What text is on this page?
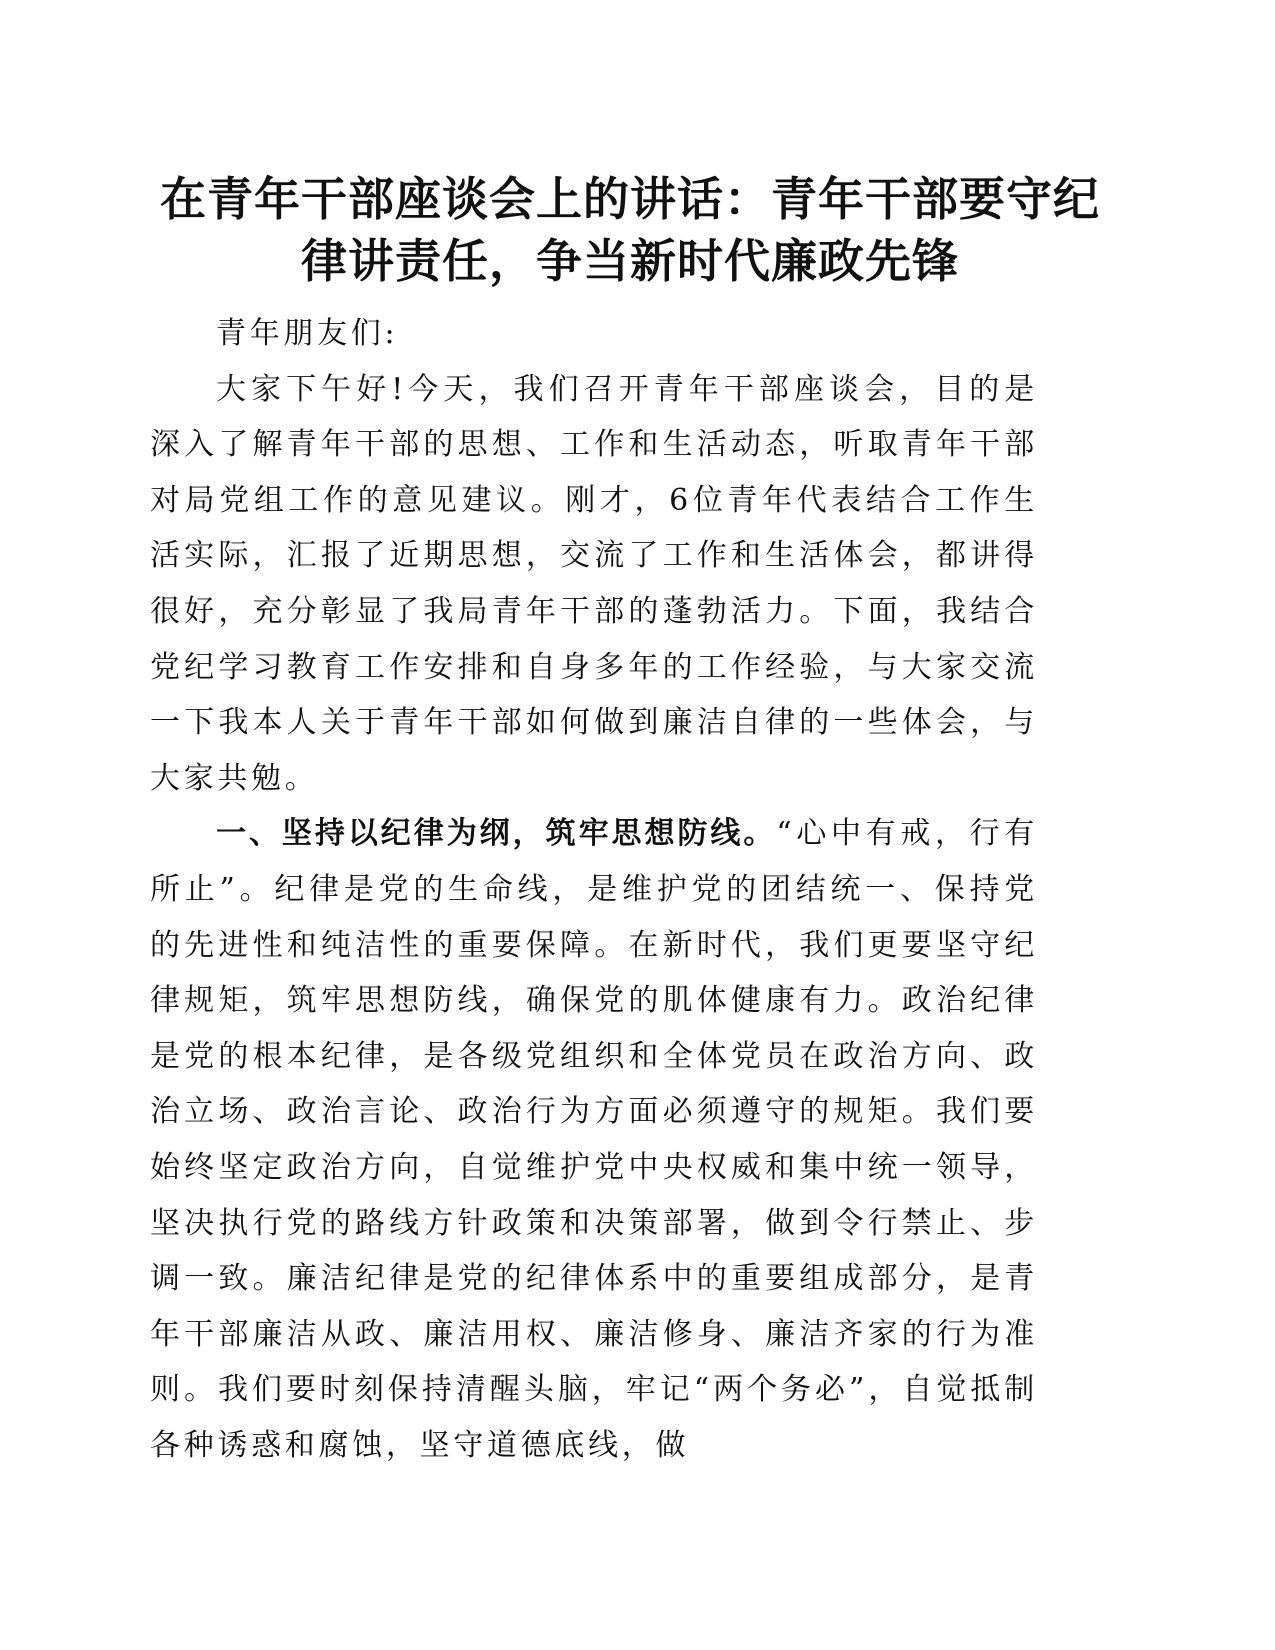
在青年干部座谈会上的讲话：青年干部要守纪律讲责任，争当新时代廉政先锋

青年朋友们:

大家下午好!今天，我们召开青年干部座谈会，目的是深入了解青年干部的思想、工作和生活动态，听取青年干部对局党组工作的意见建议。刚才，6位青年代表结合工作生活实际，汇报了近期思想，交流了工作和生活体会，都讲得很好，充分彰显了我局青年干部的蓬勃活力。下面，我结合党纪学习教育工作安排和自身多年的工作经验，与大家交流一下我本人关于青年干部如何做到廉洁自律的一些体会，与大家共勉。

一、坚持以纪律为纲，筑牢思想防线。“心中有戒，行有所止”。纪律是党的生命线，是维护党的团结统一、保持党的先进性和纯洁性的重要保障。在新时代，我们更要坚守纪律规矩，筑牢思想防线，确保党的肌体健康有力。政治纪律是党的根本纪律，是各级党组织和全体党员在政治方向、政治立场、政治言论、政治行为方面必须遵守的规矩。我们要始终坚定政治方向，自觉维护党中央权威和集中统一领导，坚决执行党的路线方针政策和决策部署，做到令行禁止、步调一致。廉洁纪律是党的纪律体系中的重要组成部分，是青年干部廉洁从政、廉洁用权、廉洁修身、廉洁齐家的行为准则。我们要时刻保持清醒头脑，牢记“两个务必”，自觉抵制各种诱惑和腐蚀，坚守道德底线，做
